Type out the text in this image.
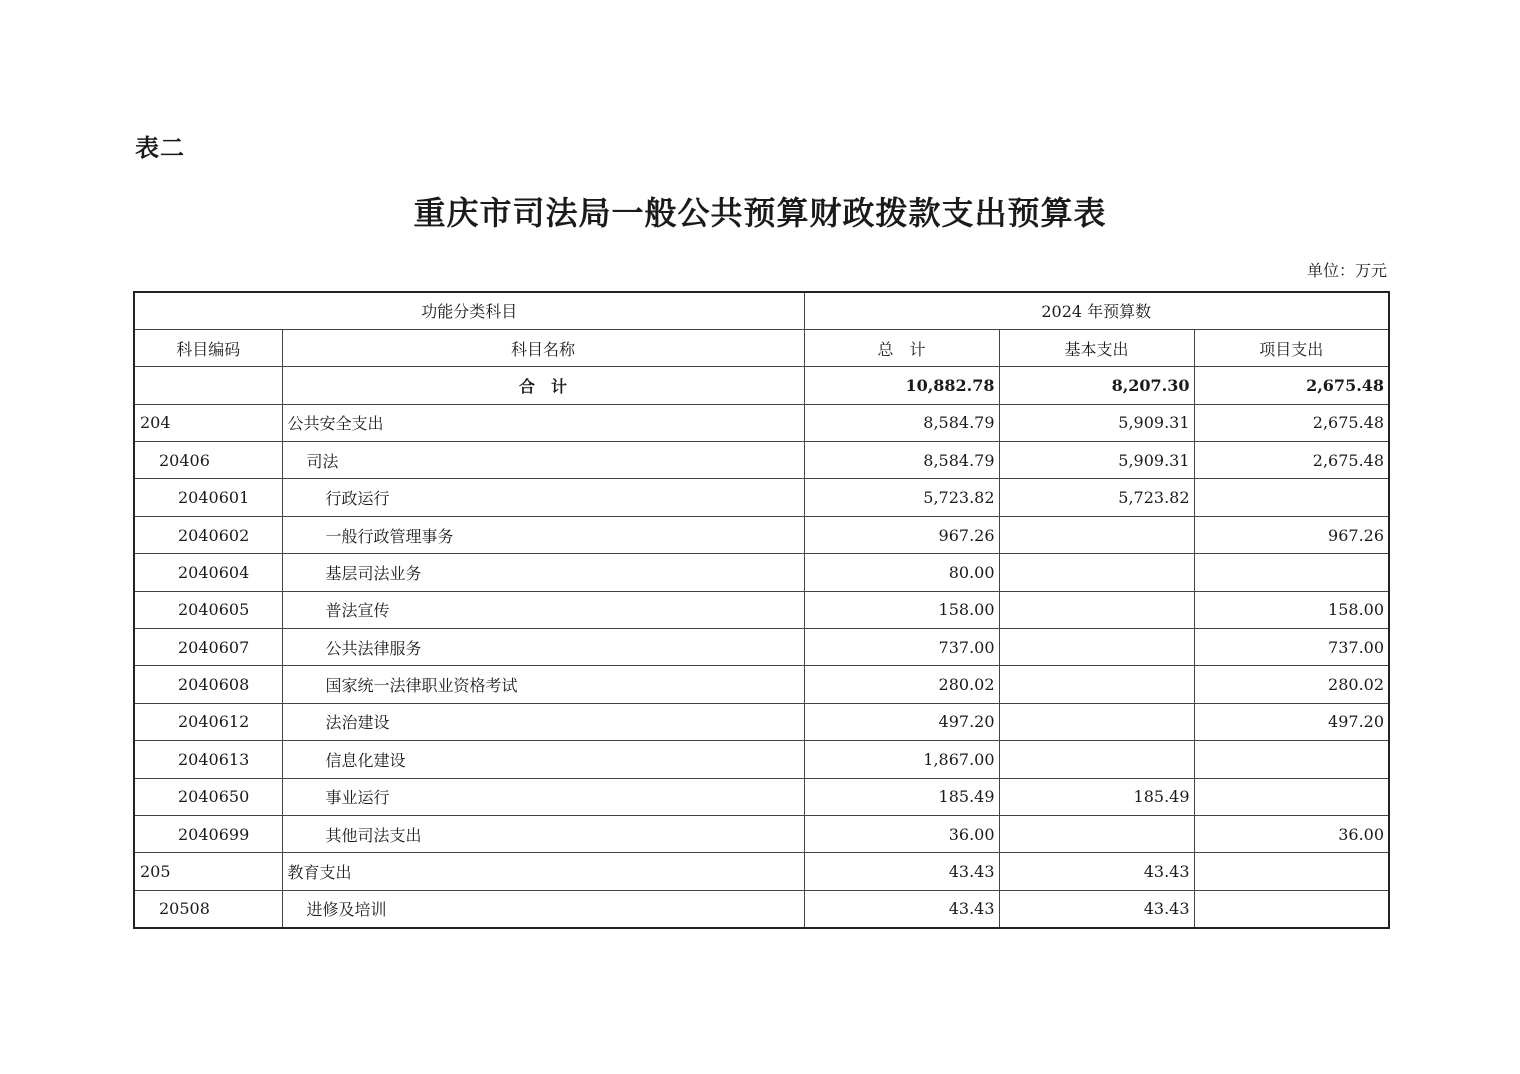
表二
重庆市司法局一般公共预算财政拨款支出预算表
单位：万元
功能分类科目		2024 年预算数		
科目编码	科目名称	总　计	基本支出	项目支出
	合　计	10,882.78	8,207.30	2,675.48
204	公共安全支出	8,584.79	5,909.31	2,675.48
20406	司法	8,584.79	5,909.31	2,675.48
2040601	行政运行	5,723.82	5,723.82	
2040602	一般行政管理事务	967.26		967.26
2040604	基层司法业务	80.00		
2040605	普法宣传	158.00		158.00
2040607	公共法律服务	737.00		737.00
2040608	国家统一法律职业资格考试	280.02		280.02
2040612	法治建设	497.20		497.20
2040613	信息化建设	1,867.00		
2040650	事业运行	185.49	185.49	
2040699	其他司法支出	36.00		36.00
205	教育支出	43.43	43.43	
20508	进修及培训	43.43	43.43	
